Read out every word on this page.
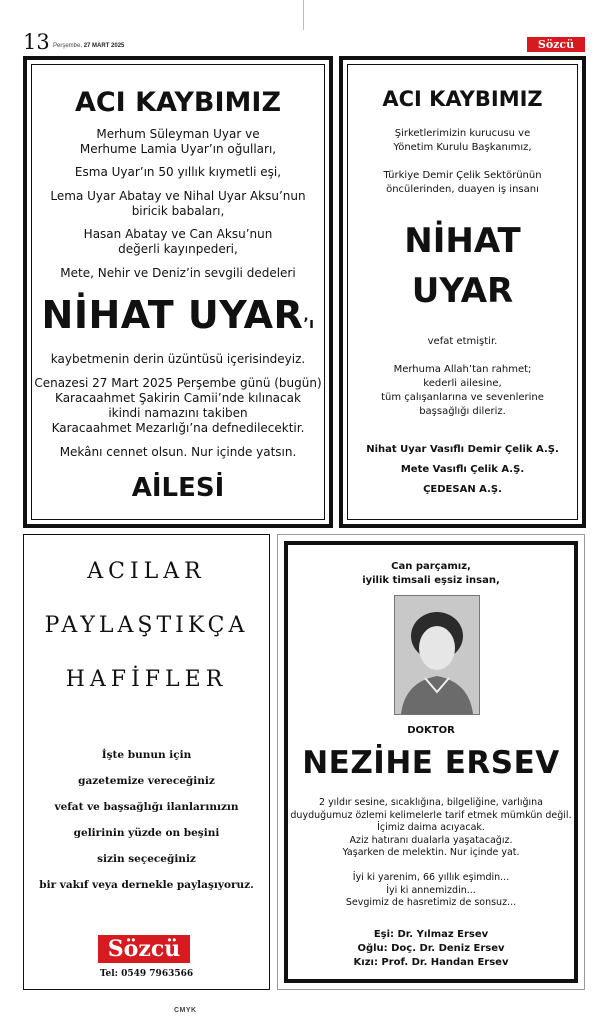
13 Perşembe, 27 MART 2025	Sözcü
ACI KAYBIMIZ
Merhum Süleyman Uyar ve
Merhume Lamia Uyar’ın oğulları,
Esma Uyar’ın 50 yıllık kıymetli eşi,
Lema Uyar Abatay ve Nihal Uyar Aksu’nun
biricik babaları,
Hasan Abatay ve Can Aksu’nun
değerli kayınpederi,
Mete, Nehir ve Deniz’in sevgili dedeleri
NİHAT UYAR’ı
kaybetmenin derin üzüntüsü içerisindeyiz.
Cenazesi 27 Mart 2025 Perşembe günü (bugün)
Karacaahmet Şakirin Camii’nde kılınacak
ikindi namazını takiben
Karacaahmet Mezarlığı’na defnedilecektir.
Mekânı cennet olsun. Nur içinde yatsın.
AİLESİ
ACI KAYBIMIZ
Şirketlerimizin kurucusu ve
Yönetim Kurulu Başkanımız,
Türkiye Demir Çelik Sektörünün
öncülerinden, duayen iş insanı
NİHAT
UYAR
vefat etmiştir.
Merhuma Allah’tan rahmet;
kederli ailesine,
tüm çalışanlarına ve sevenlerine
başsağlığı dileriz.
Nihat Uyar Vasıflı Demir Çelik A.Ş.
Mete Vasıflı Çelik A.Ş.
ÇEDESAN A.Ş.
ACILAR
PAYLAŞTIKÇA
HAFİFLER
İşte bunun için
gazetemize vereceğiniz
vefat ve başsağlığı ilanlarınızın
gelirinin yüzde on beşini
sizin seçeceğiniz
bir vakıf veya dernekle paylaşıyoruz.
Sözcü
Tel: 0549 7963566
Can parçamız,
iyilik timsali eşsiz insan,
DOKTOR
NEZİHE ERSEV
2 yıldır sesine, sıcaklığına, bilgeliğine, varlığına
duyduğumuz özlemi kelimelerle tarif etmek mümkün değil.
İçimiz daima acıyacak.
Aziz hatıranı dualarla yaşatacağız.
Yaşarken de melektin. Nur içinde yat.
İyi ki yarenim, 66 yıllık eşimdin...
İyi ki annemizdin...
Sevgimiz de hasretimiz de sonsuz...
Eşi: Dr. Yılmaz Ersev
Oğlu: Doç. Dr. Deniz Ersev
Kızı: Prof. Dr. Handan Ersev
CMYK
